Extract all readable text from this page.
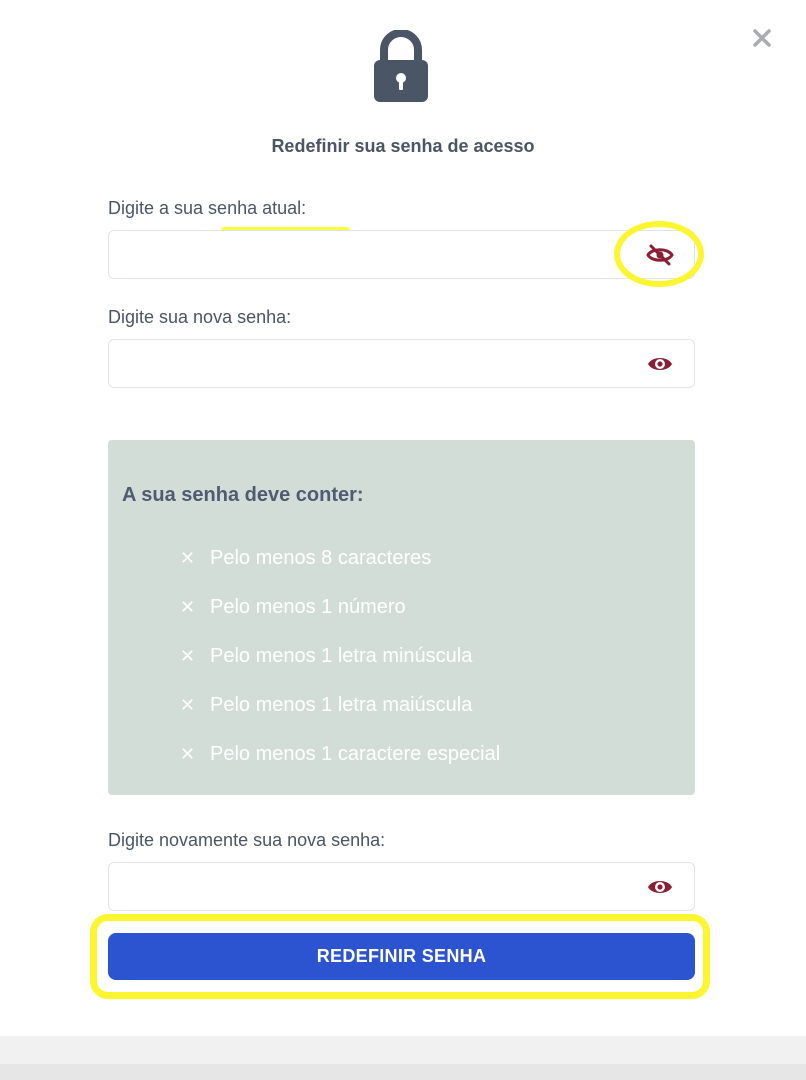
Redefinir sua senha de acesso
Digite a sua senha atual:
Digite sua nova senha:
A sua senha deve conter:
✕ Pelo menos 8 caracteres
✕ Pelo menos 1 número
✕ Pelo menos 1 letra minúscula
✕ Pelo menos 1 letra maiúscula
✕ Pelo menos 1 caractere especial
Digite novamente sua nova senha:
REDEFINIR SENHA
